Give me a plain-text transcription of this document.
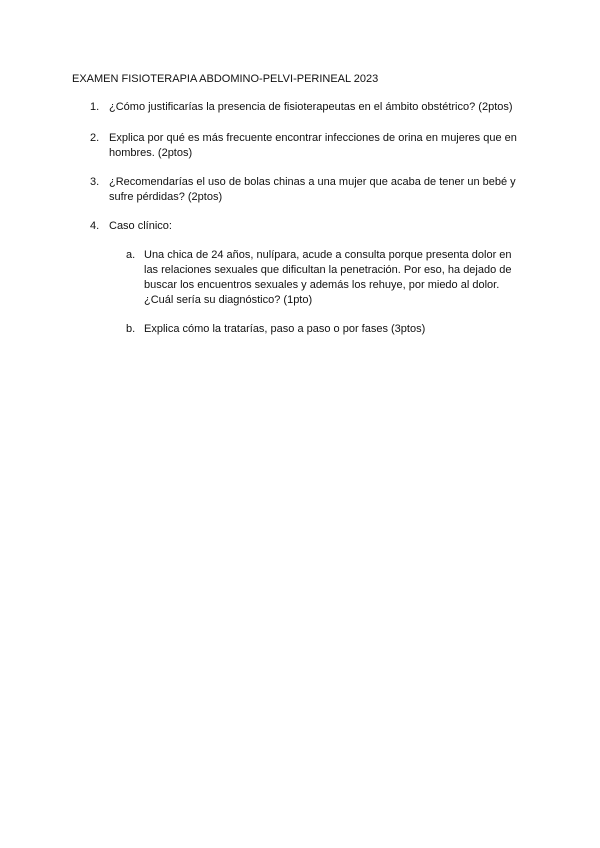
EXAMEN FISIOTERAPIA ABDOMINO-PELVI-PERINEAL 2023
1. ¿Cómo justificarías la presencia de fisioterapeutas en el ámbito obstétrico? (2ptos)
2. Explica por qué es más frecuente encontrar infecciones de orina en mujeres que en hombres. (2ptos)
3. ¿Recomendarías el uso de bolas chinas a una mujer que acaba de tener un bebé y sufre pérdidas? (2ptos)
4. Caso clínico:
a. Una chica de 24 años, nulípara, acude a consulta porque presenta dolor en las relaciones sexuales que dificultan la penetración. Por eso, ha dejado de buscar los encuentros sexuales y además los rehuye, por miedo al dolor. ¿Cuál sería su diagnóstico? (1pto)
b. Explica cómo la tratarías, paso a paso o por fases (3ptos)
